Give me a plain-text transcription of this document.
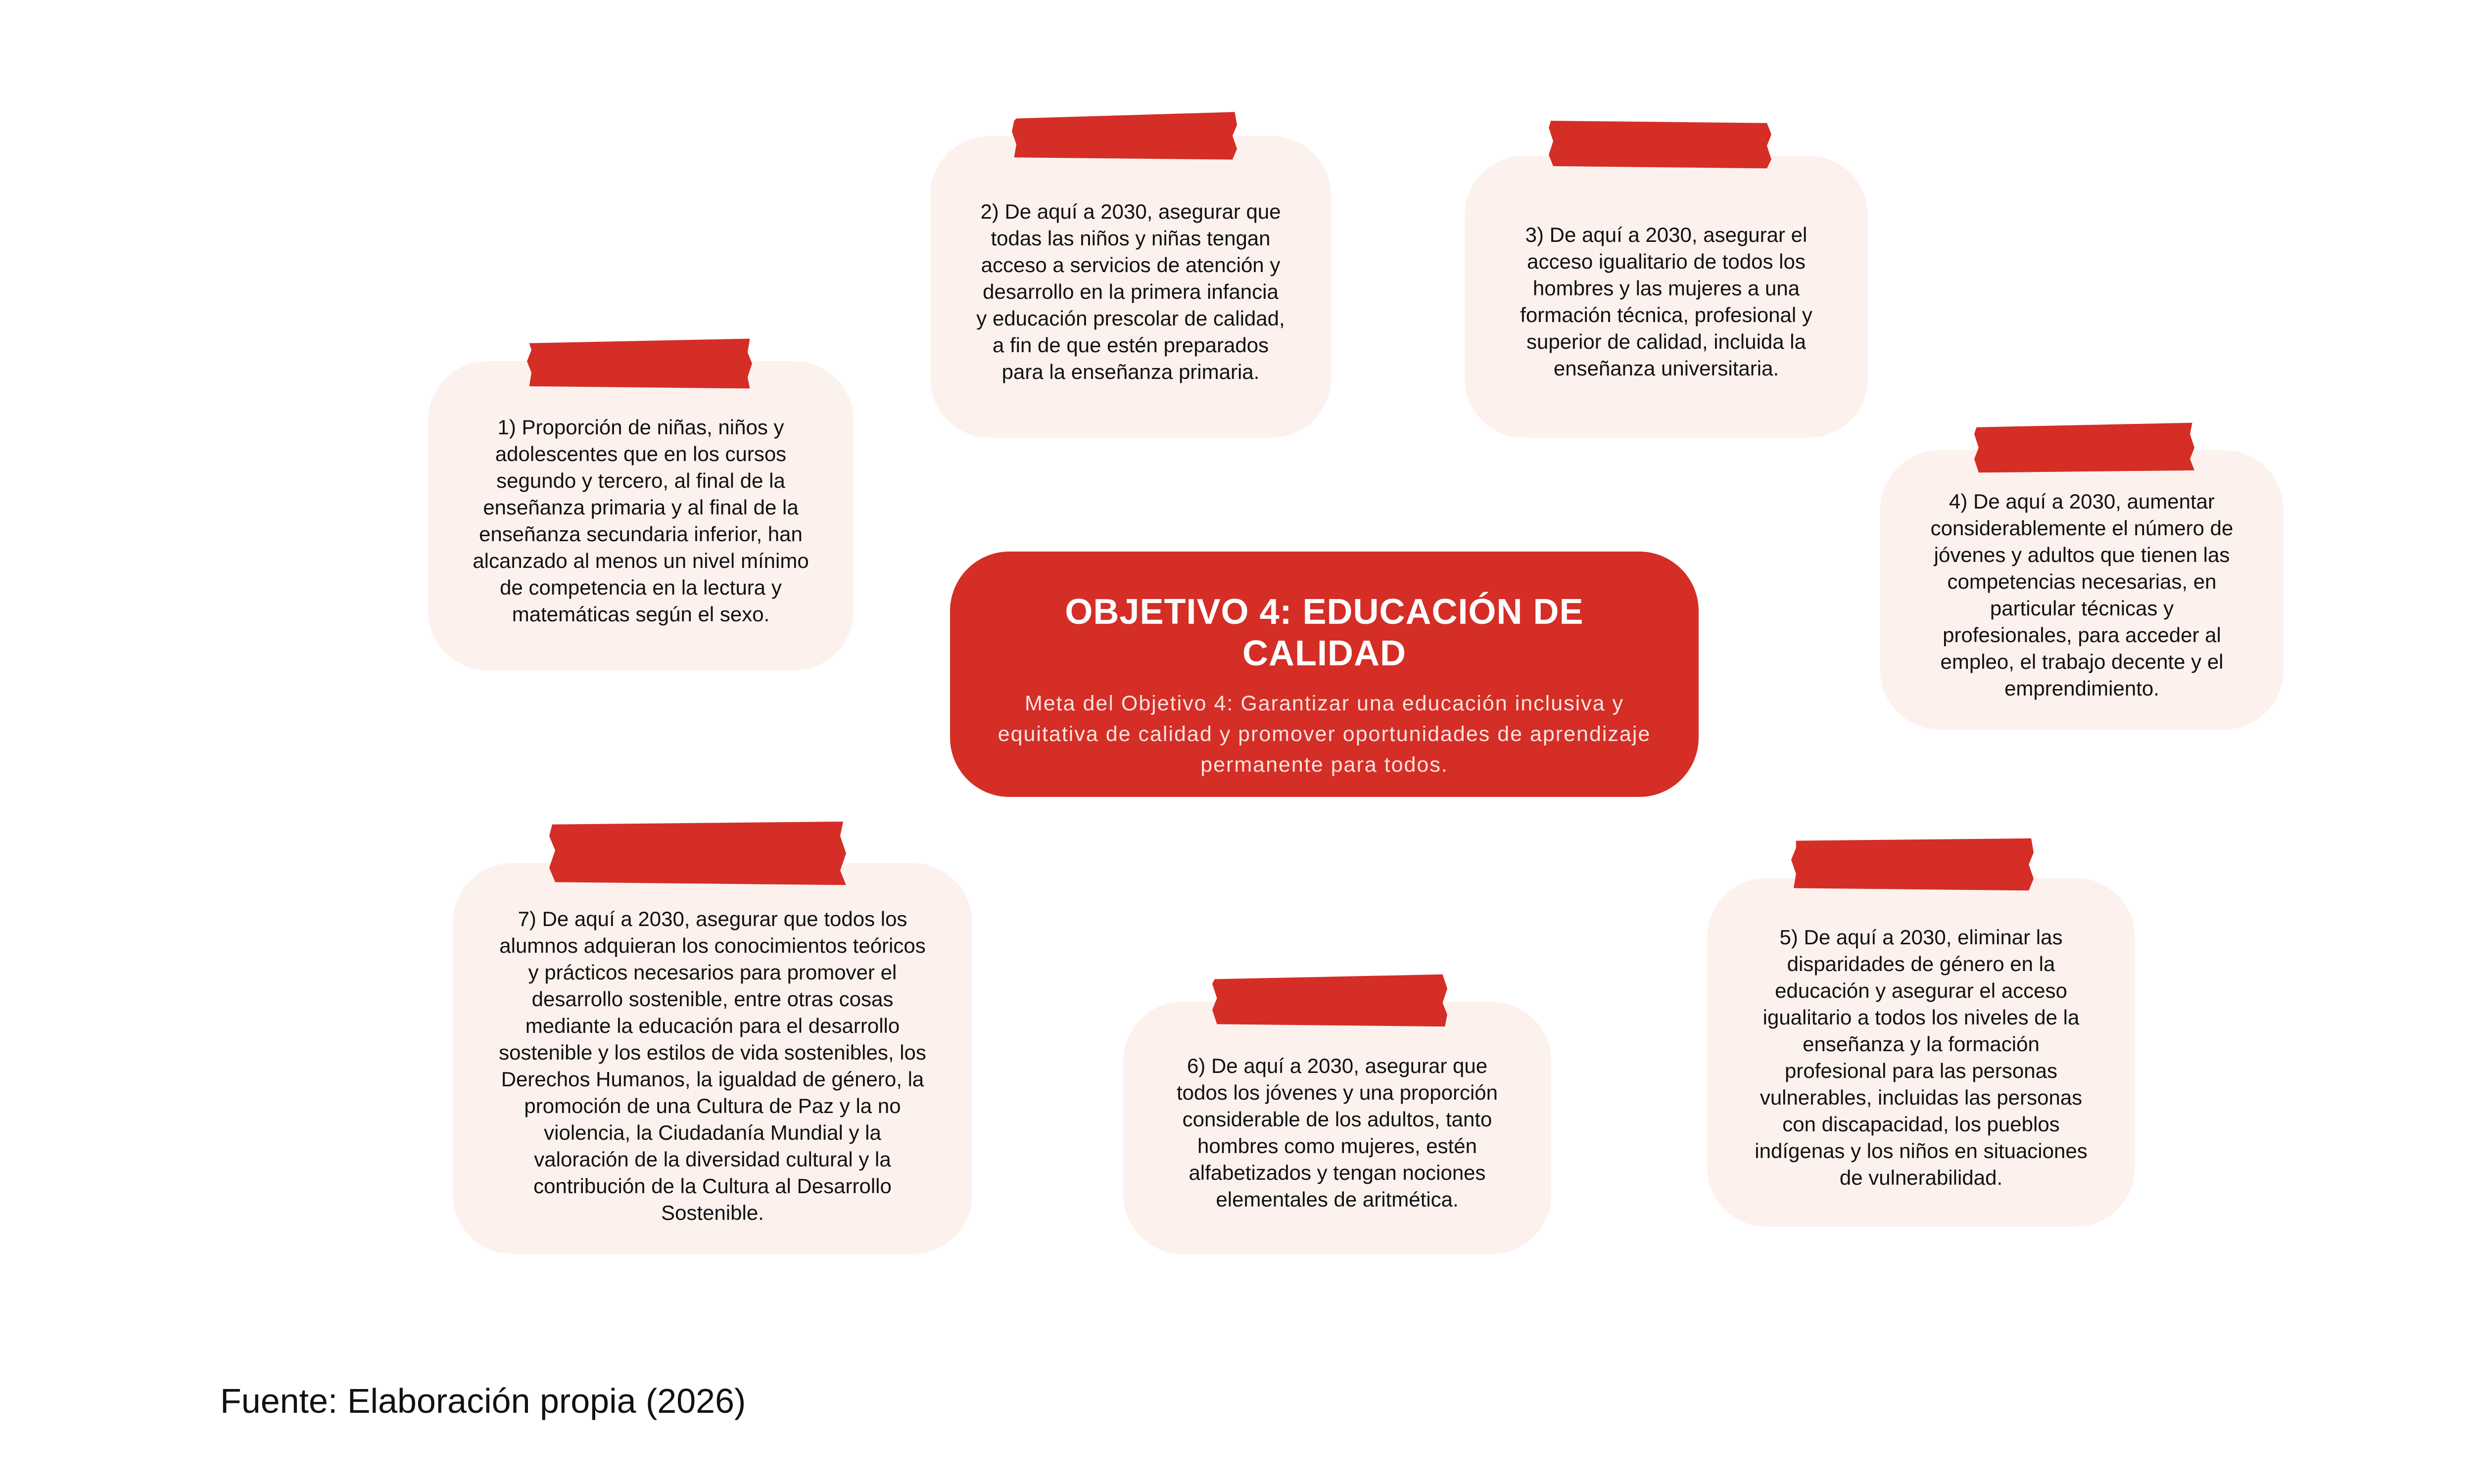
1) Proporción de niñas, niños y adolescentes que en los cursos segundo y tercero, al final de la enseñanza primaria y al final de la enseñanza secundaria inferior, han alcanzado al menos un nivel mínimo de competencia en la lectura y matemáticas según el sexo.
2) De aquí a 2030, asegurar que todas las niños y niñas tengan acceso a servicios de atención y desarrollo en la primera infancia y educación prescolar de calidad, a fin de que estén preparados para la enseñanza primaria.
3) De aquí a 2030, asegurar el acceso igualitario de todos los hombres y las mujeres a una formación técnica, profesional y superior de calidad, incluida la enseñanza universitaria.
4) De aquí a 2030, aumentar considerablemente el número de jóvenes y adultos que tienen las competencias necesarias, en particular técnicas y profesionales, para acceder al empleo, el trabajo decente y el emprendimiento.
5) De aquí a 2030, eliminar las disparidades de género en la educación y asegurar el acceso igualitario a todos los niveles de la enseñanza y la formación profesional para las personas vulnerables, incluidas las personas con discapacidad, los pueblos indígenas y los niños en situaciones de vulnerabilidad.
6) De aquí a 2030, asegurar que todos los jóvenes y una proporción considerable de los adultos, tanto hombres como mujeres, estén alfabetizados y tengan nociones elementales de aritmética.
7) De aquí a 2030, asegurar que todos los alumnos adquieran los conocimientos teóricos y prácticos necesarios para promover el desarrollo sostenible, entre otras cosas mediante la educación para el desarrollo sostenible y los estilos de vida sostenibles, los Derechos Humanos, la igualdad de género, la promoción de una Cultura de Paz y la no violencia, la Ciudadanía Mundial y la valoración de la diversidad cultural y la contribución de la Cultura al Desarrollo Sostenible.
OBJETIVO 4: EDUCACIÓN DE CALIDAD
Meta del Objetivo 4: Garantizar una educación inclusiva y equitativa de calidad y promover oportunidades de aprendizaje permanente para todos.
Fuente: Elaboración propia (2026)
